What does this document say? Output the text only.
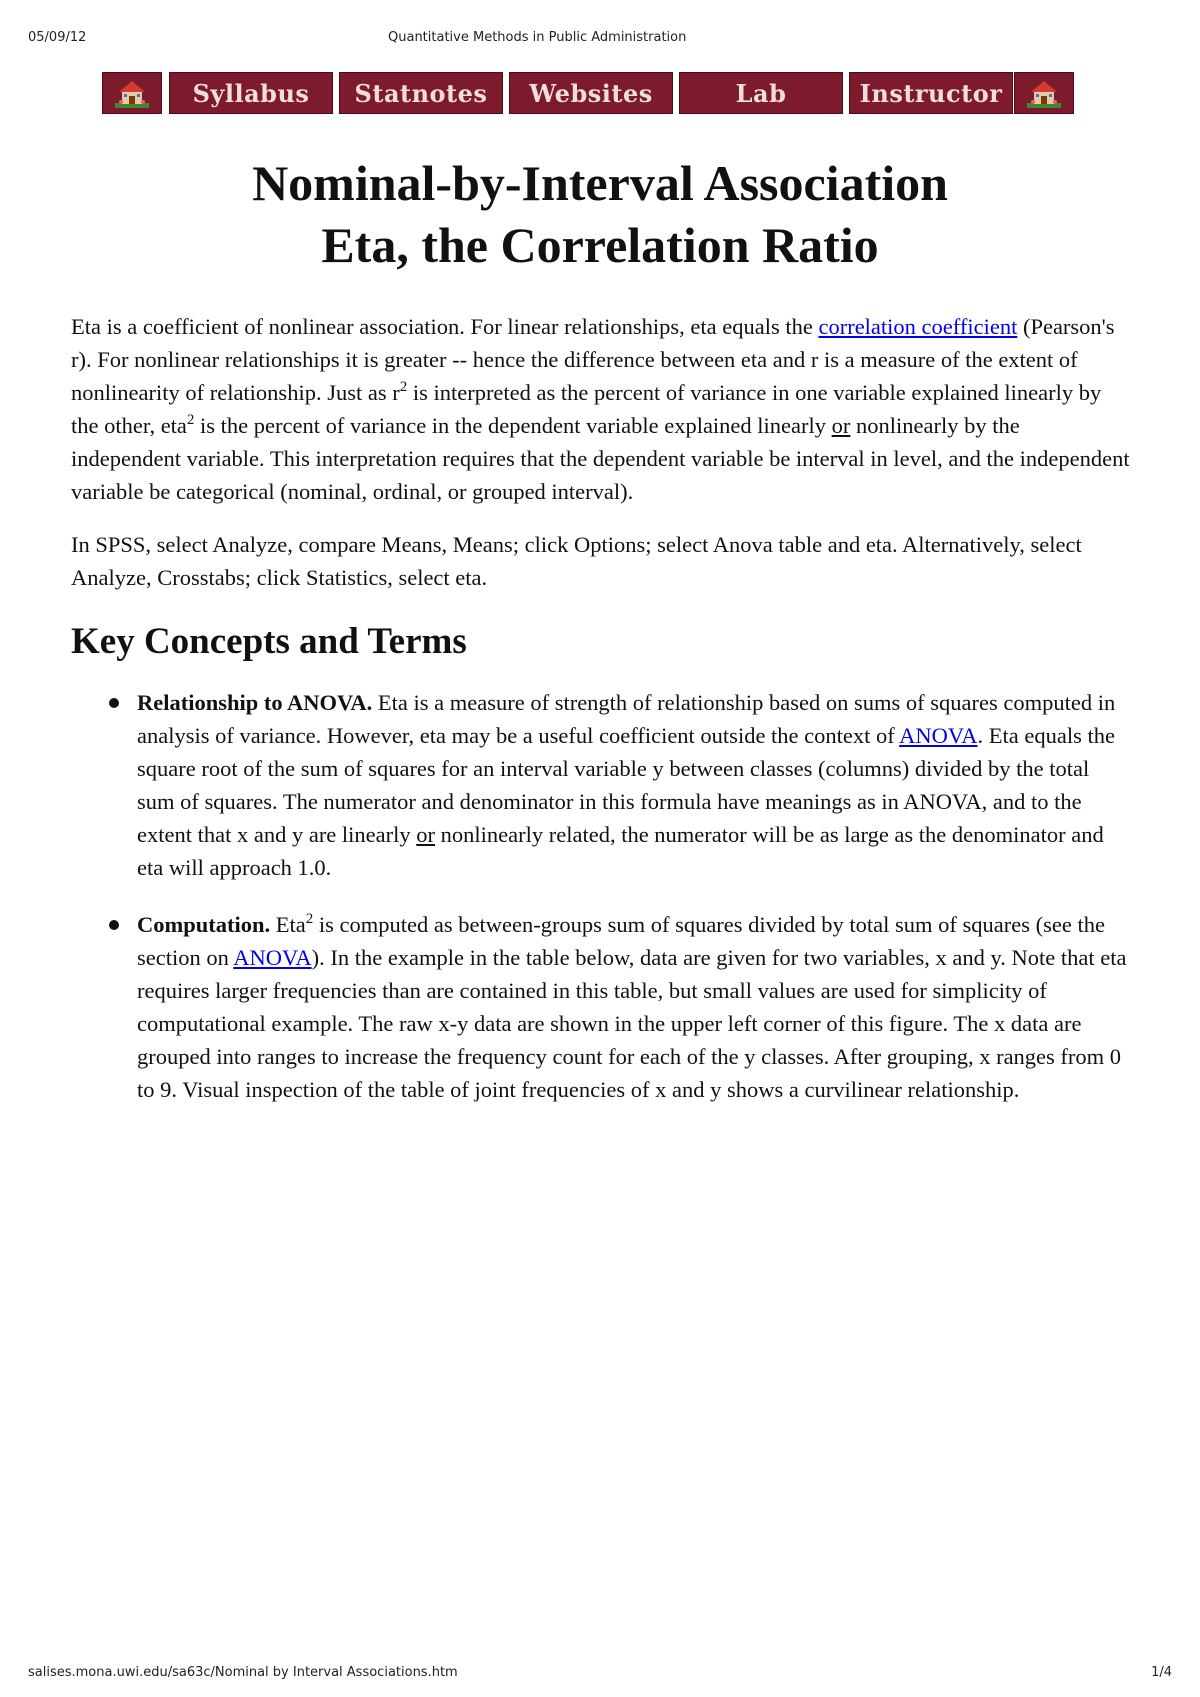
05/09/12	Quantitative Methods in Public Administration
Syllabus	Statnotes	Websites	Lab	Instructor
Nominal-by-Interval Association
Eta, the Correlation Ratio

Eta is a coefficient of nonlinear association. For linear relationships, eta equals the correlation coefficient (Pearson's r). For nonlinear relationships it is greater -- hence the difference between eta and r is a measure of the extent of nonlinearity of relationship. Just as $r^2$ is interpreted as the percent of variance in one variable explained linearly by the other, eta$^2$ is the percent of variance in the dependent variable explained linearly or nonlinearly by the independent variable. This interpretation requires that the dependent variable be interval in level, and the independent variable be categorical (nominal, ordinal, or grouped interval).

In SPSS, select Analyze, compare Means, Means; click Options; select Anova table and eta. Alternatively, select Analyze, Crosstabs; click Statistics, select eta.

Key Concepts and Terms
Relationship to ANOVA. Eta is a measure of strength of relationship based on sums of squares computed in analysis of variance. However, eta may be a useful coefficient outside the context of ANOVA. Eta equals the square root of the sum of squares for an interval variable y between classes (columns) divided by the total sum of squares. The numerator and denominator in this formula have meanings as in ANOVA, and to the extent that x and y are linearly or nonlinearly related, the numerator will be as large as the denominator and eta will approach 1.0.
Computation. Eta$^2$ is computed as between-groups sum of squares divided by total sum of squares (see the section on ANOVA). In the example in the table below, data are given for two variables, x and y. Note that eta requires larger frequencies than are contained in this table, but small values are used for simplicity of computational example. The raw x-y data are shown in the upper left corner of this figure. The x data are grouped into ranges to increase the frequency count for each of the y classes. After grouping, x ranges from 0 to 9. Visual inspection of the table of joint frequencies of x and y shows a curvilinear relationship.
salises.mona.uwi.edu/sa63c/Nominal by Interval Associations.htm	1/4
